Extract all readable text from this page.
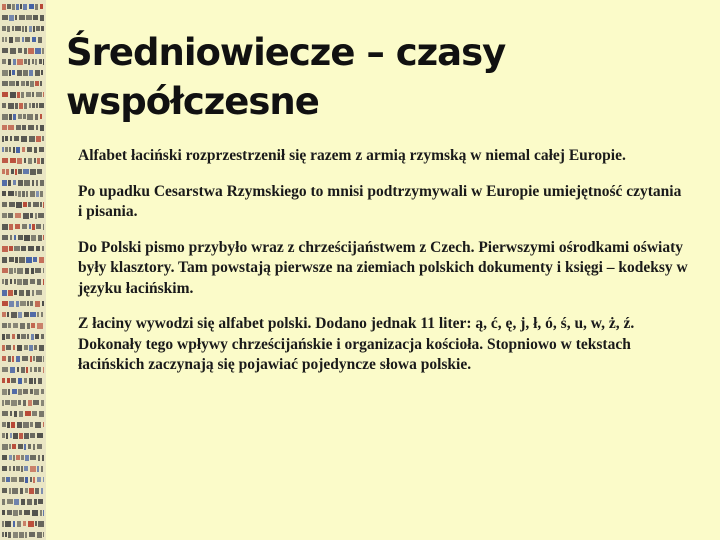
Średniowiecze – czasy współczesne

Alfabet łaciński rozprzestrzenił się razem z armią rzymską w niemal całej Europie.

Po upadku Cesarstwa Rzymskiego to mnisi podtrzymywali w Europie umiejętność czytania i pisania.

Do Polski pismo przybyło wraz z chrześcijaństwem z Czech. Pierwszymi ośrodkami oświaty były klasztory. Tam powstają pierwsze na ziemiach polskich dokumenty i księgi – kodeksy w języku łacińskim.

Z łaciny wywodzi się alfabet polski. Dodano jednak 11 liter: ą, ć, ę, j, ł, ó, ś, u, w, ż, ź. Dokonały tego wpływy chrześcijańskie i organizacja kościoła. Stopniowo w tekstach łacińskich zaczynają się pojawiać pojedyncze słowa polskie.
